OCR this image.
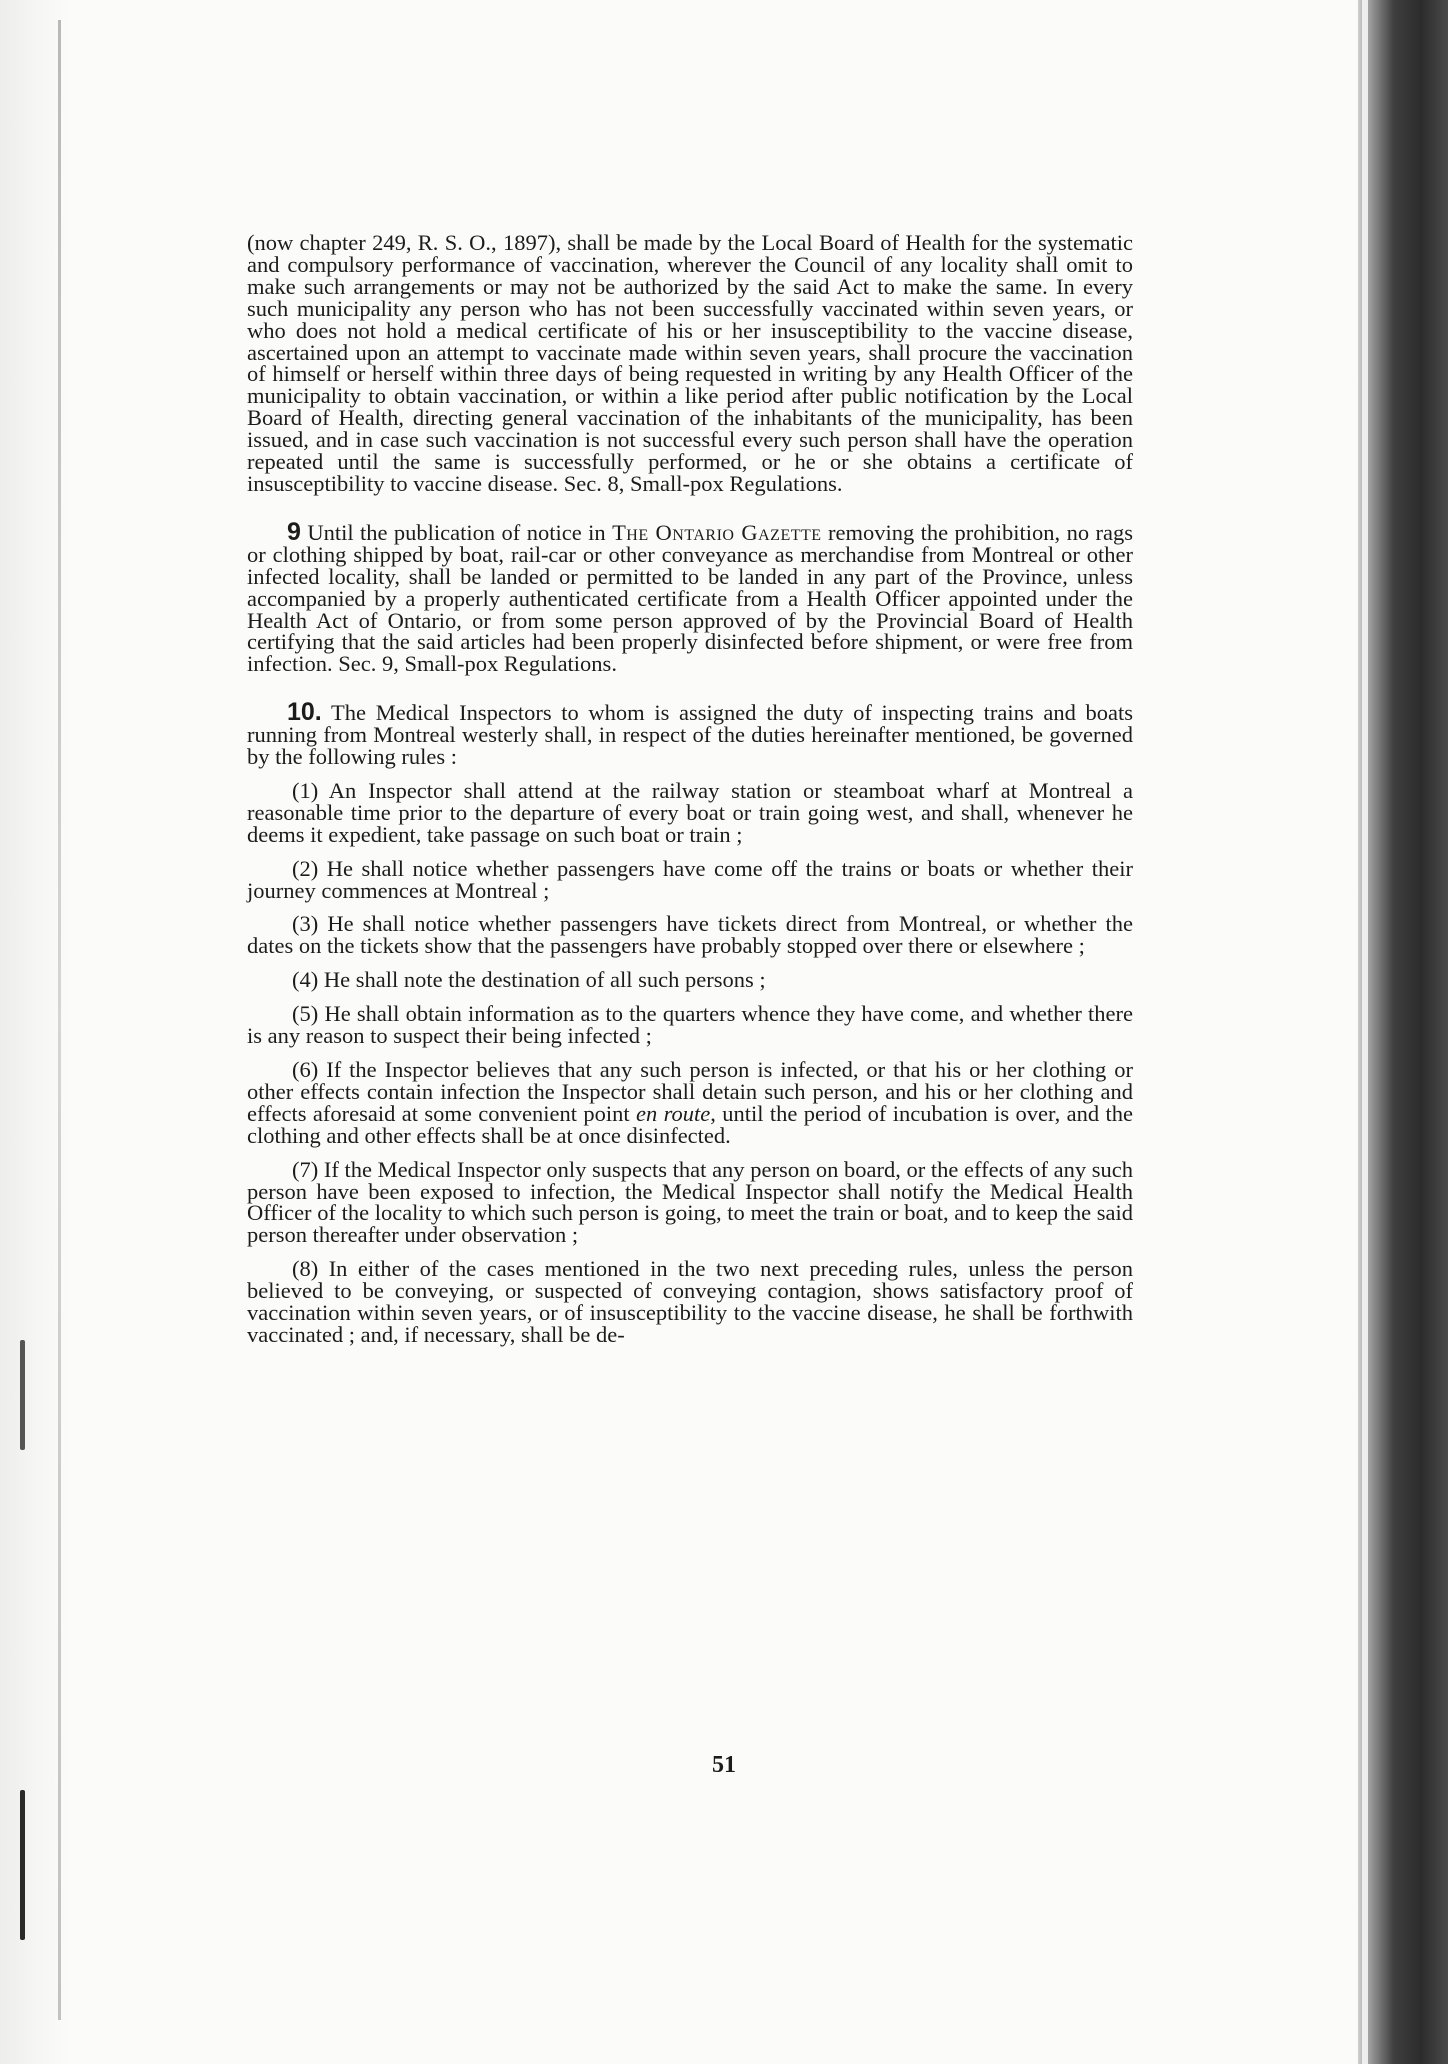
(now chapter 249, R. S. O., 1897), shall be made by the Local Board of Health for the systematic and compulsory performance of vaccination, wherever the Council of any locality shall omit to make such arrangements or may not be authorized by the said Act to make the same. In every such municipality any person who has not been successfully vaccinated within seven years, or who does not hold a medical certificate of his or her insusceptibility to the vaccine disease, ascertained upon an attempt to vaccinate made within seven years, shall procure the vaccination of himself or herself within three days of being requested in writing by any Health Officer of the municipality to obtain vaccination, or within a like period after public notification by the Local Board of Health, directing general vaccination of the inhabitants of the municipality, has been issued, and in case such vaccination is not successful every such person shall have the operation repeated until the same is successfully performed, or he or she obtains a certificate of insusceptibility to vaccine disease. Sec. 8, Small-pox Regulations.

9 Until the publication of notice in The Ontario Gazette removing the prohibition, no rags or clothing shipped by boat, rail-car or other conveyance as merchandise from Montreal or other infected locality, shall be landed or permitted to be landed in any part of the Province, unless accompanied by a properly authenticated certificate from a Health Officer appointed under the Health Act of Ontario, or from some person approved of by the Provincial Board of Health certifying that the said articles had been properly disinfected before shipment, or were free from infection. Sec. 9, Small-pox Regulations.

10. The Medical Inspectors to whom is assigned the duty of inspecting trains and boats running from Montreal westerly shall, in respect of the duties hereinafter mentioned, be governed by the following rules :

(1) An Inspector shall attend at the railway station or steamboat wharf at Montreal a reasonable time prior to the departure of every boat or train going west, and shall, whenever he deems it expedient, take passage on such boat or train ;

(2) He shall notice whether passengers have come off the trains or boats or whether their journey commences at Montreal ;

(3) He shall notice whether passengers have tickets direct from Montreal, or whether the dates on the tickets show that the passengers have probably stopped over there or elsewhere ;

(4) He shall note the destination of all such persons ;

(5) He shall obtain information as to the quarters whence they have come, and whether there is any reason to suspect their being infected ;

(6) If the Inspector believes that any such person is infected, or that his or her clothing or other effects contain infection the Inspector shall detain such person, and his or her clothing and effects aforesaid at some convenient point en route, until the period of incubation is over, and the clothing and other effects shall be at once disinfected.

(7) If the Medical Inspector only suspects that any person on board, or the effects of any such person have been exposed to infection, the Medical Inspector shall notify the Medical Health Officer of the locality to which such person is going, to meet the train or boat, and to keep the said person thereafter under observation ;

(8) In either of the cases mentioned in the two next preceding rules, unless the person believed to be conveying, or suspected of conveying contagion, shows satisfactory proof of vaccination within seven years, or of insusceptibility to the vaccine disease, he shall be forthwith vaccinated ; and, if necessary, shall be de-

51
